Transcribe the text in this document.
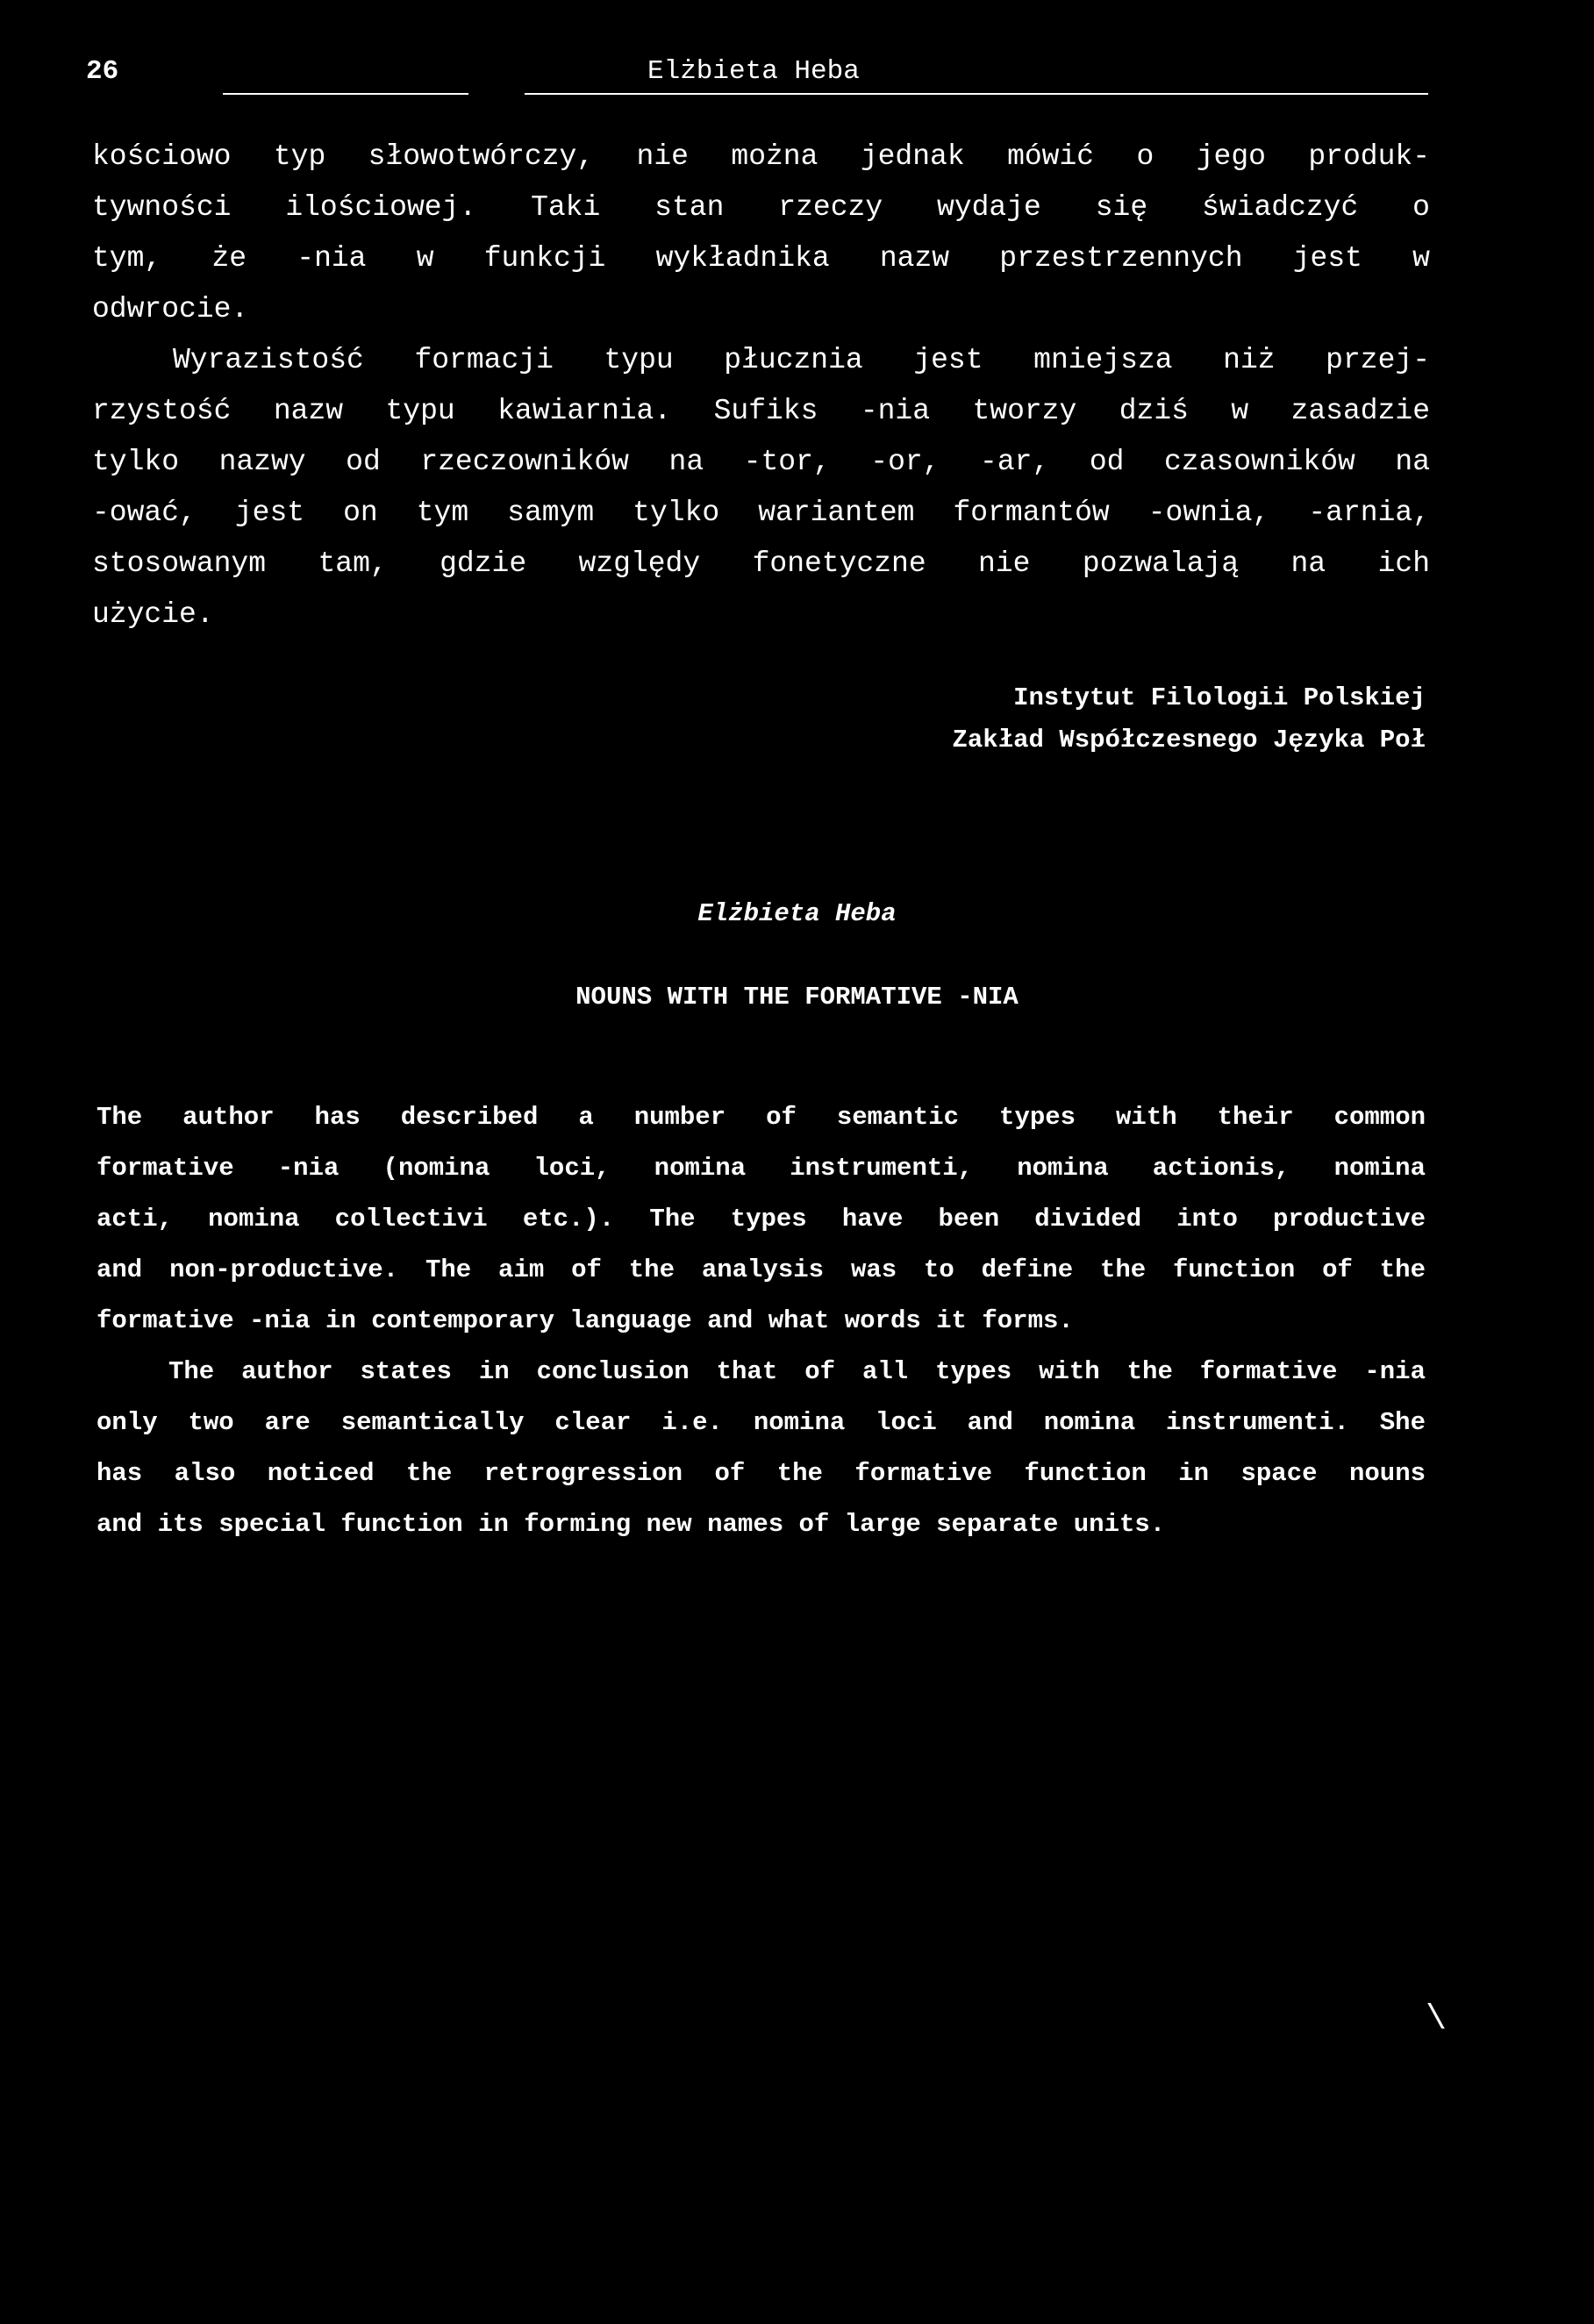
26	Elżbieta Heba
kościowo typ słowotwórczy, nie można jednak mówić o jego produk-
tywności ilościowej. Taki stan rzeczy wydaje się świadczyć o
tym, że -nia w funkcji wykładnika nazw przestrzennych jest w
odwrocie.
Wyrazistość formacji typu płucznia jest mniejsza niż przej-
rzystość nazw typu kawiarnia. Sufiks -nia tworzy dziś w zasadzie
tylko nazwy od rzeczowników na -tor, -or, -ar, od czasowników na
-ować, jest on tym samym tylko wariantem formantów -ownia, -arnia,
stosowanym tam, gdzie względy fonetyczne nie pozwalają na ich
użycie.
Instytut Filologii Polskiej
Zakład Współczesnego Języka Poł
Elżbieta Heba
NOUNS WITH THE FORMATIVE -NIA
The author has described a number of semantic types with their common
formative -nia (nomina loci, nomina instrumenti, nomina actionis, nomina
acti, nomina collectivi etc.). The types have been divided into productive
and non-productive. The aim of the analysis was to define the function of the
formative -nia in contemporary language and what words it forms.
The author states in conclusion that of all types with the formative -nia
only two are semantically clear i.e. nomina loci and nomina instrumenti. She
has also noticed the retrogression of the formative function in space nouns
and its special function in forming new names of large separate units.
\
